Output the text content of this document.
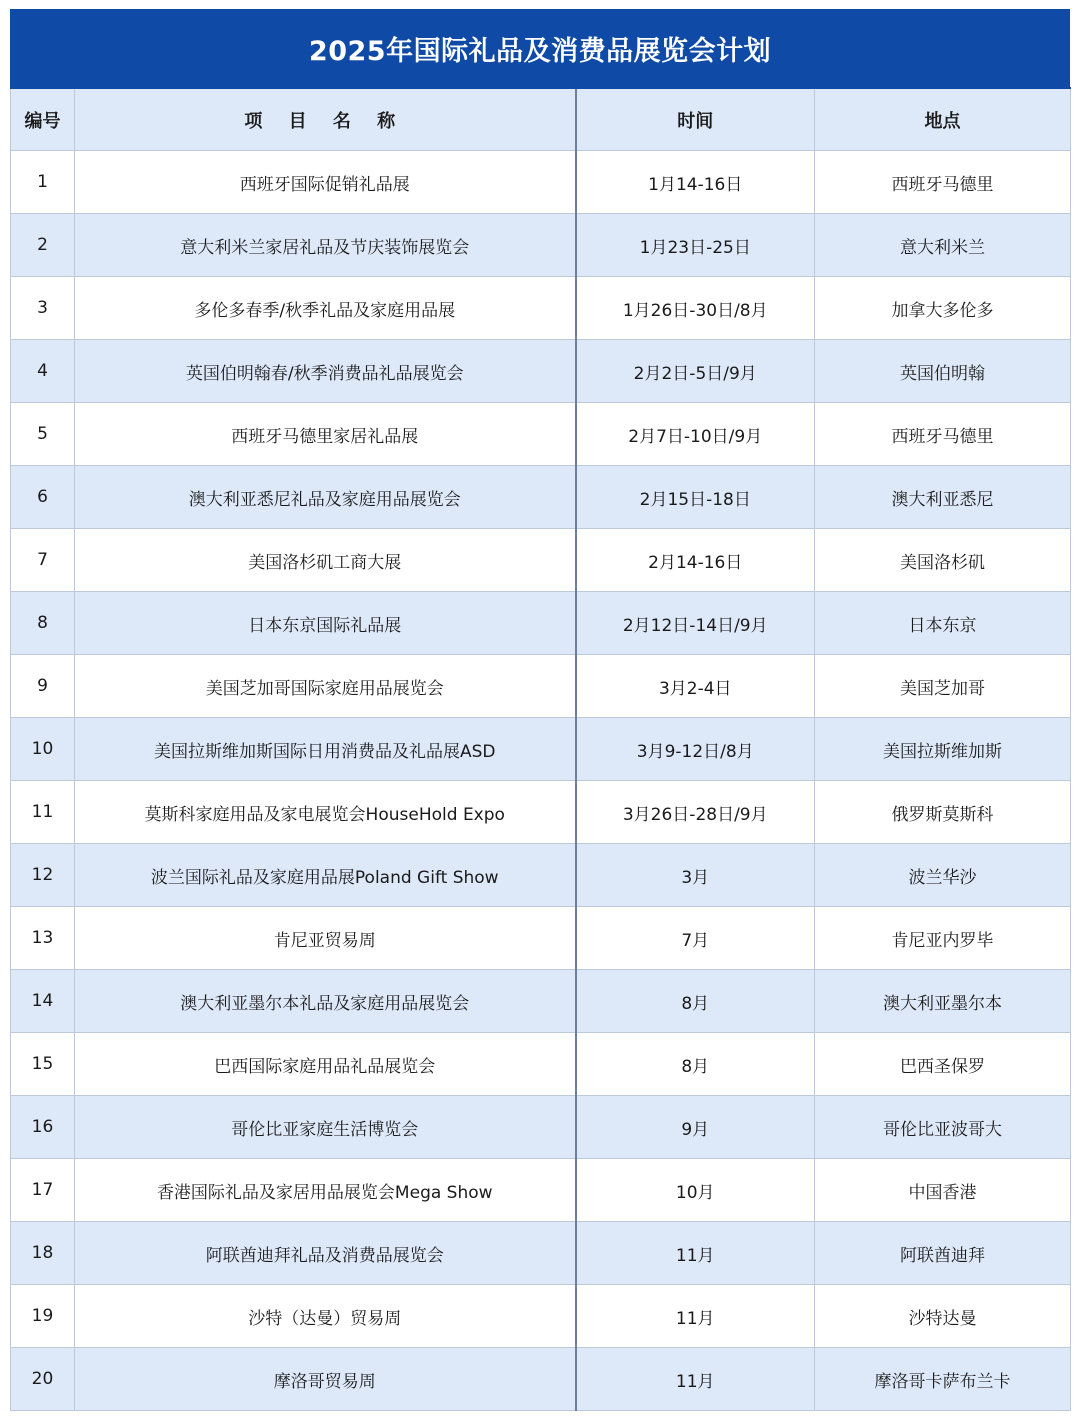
2025年国际礼品及消费品展览会计划
编号	项 目 名 称	时间	地点
1	西班牙国际促销礼品展	1月14-16日	西班牙马德里
2	意大利米兰家居礼品及节庆装饰展览会	1月23日-25日	意大利米兰
3	多伦多春季/秋季礼品及家庭用品展	1月26日-30日/8月	加拿大多伦多
4	英国伯明翰春/秋季消费品礼品展览会	2月2日-5日/9月	英国伯明翰
5	西班牙马德里家居礼品展	2月7日-10日/9月	西班牙马德里
6	澳大利亚悉尼礼品及家庭用品展览会	2月15日-18日	澳大利亚悉尼
7	美国洛杉矶工商大展	2月14-16日	美国洛杉矶
8	日本东京国际礼品展	2月12日-14日/9月	日本东京
9	美国芝加哥国际家庭用品展览会	3月2-4日	美国芝加哥
10	美国拉斯维加斯国际日用消费品及礼品展ASD	3月9-12日/8月	美国拉斯维加斯
11	莫斯科家庭用品及家电展览会HouseHold Expo	3月26日-28日/9月	俄罗斯莫斯科
12	波兰国际礼品及家庭用品展Poland Gift Show	3月	波兰华沙
13	肯尼亚贸易周	7月	肯尼亚内罗毕
14	澳大利亚墨尔本礼品及家庭用品展览会	8月	澳大利亚墨尔本
15	巴西国际家庭用品礼品展览会	8月	巴西圣保罗
16	哥伦比亚家庭生活博览会	9月	哥伦比亚波哥大
17	香港国际礼品及家居用品展览会Mega Show	10月	中国香港
18	阿联酋迪拜礼品及消费品展览会	11月	阿联酋迪拜
19	沙特（达曼）贸易周	11月	沙特达曼
20	摩洛哥贸易周	11月	摩洛哥卡萨布兰卡
